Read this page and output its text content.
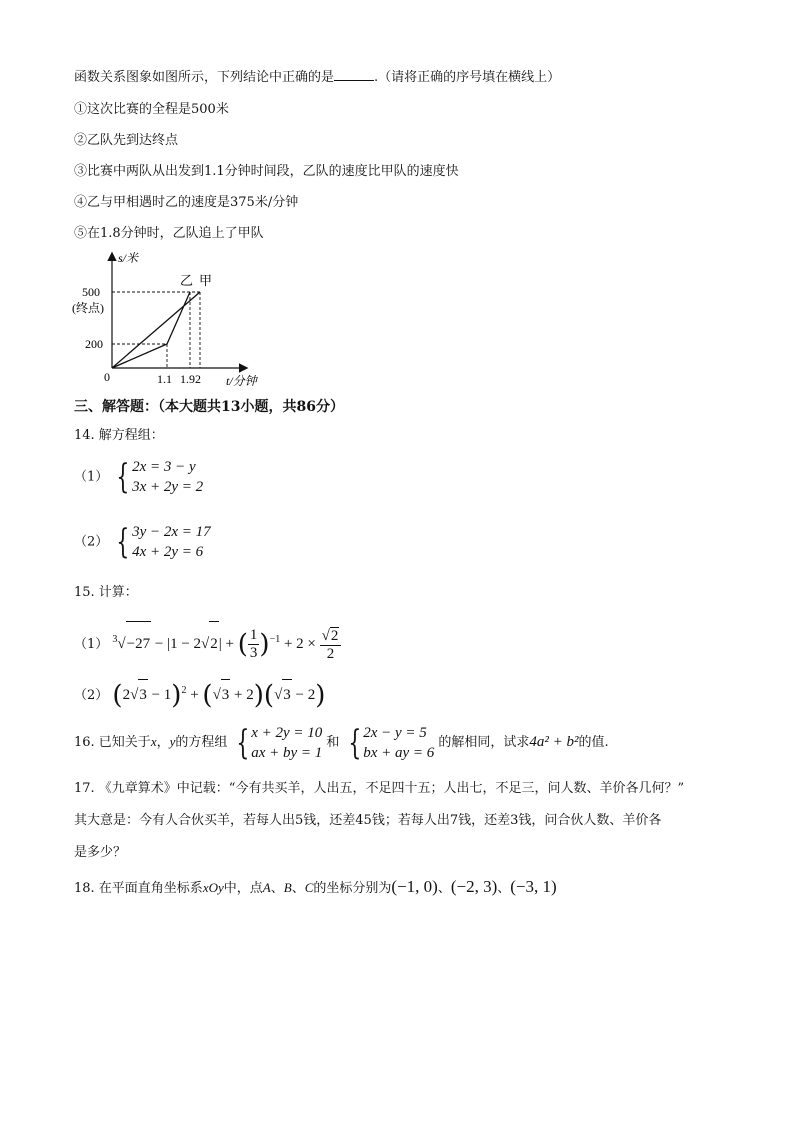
函数关系图象如图所示，下列结论中正确的是	.（请将正确的序号填在横线上）
①这次比赛的全程是500米
②乙队先到达终点
③比赛中两队从出发到1.1分钟时间段，乙队的速度比甲队的速度快
④乙与甲相遇时乙的速度是375米/分钟
⑤在1.8分钟时，乙队追上了甲队
s/米
500
(终点)
200
0	1.1 1.92 t/分钟
乙 甲
三、解答题：（本大题共13小题，共86分）
14. 解方程组：
（1） { 2x = 3 − y
3x + 2y = 2
（2） { 3y − 2x = 17
4x + 2y = 6
15. 计算：
（1） $^3$√−27 − |1 − 2√2| + ( $\frac{1}{3} )^{-1} + 2 \times \frac{√2}{2}$
（2） $(2√3 - 1)^2 + (√3 + 2)(√3 - 2)$
16. 已知关于x，y的方程组 { x + 2y = 10
ax + by = 1
和 { 2x − y = 5
bx + ay = 6
的解相同，试求4a² + b²的值.
17. 《九章算术》中记载：“今有共买羊，人出五，不足四十五；人出七，不足三，问人数、羊价各几何？”
其大意是：今有人合伙买羊，若每人出5钱，还差45钱；若每人出7钱，还差3钱，问合伙人数、羊价各
是多少？
18. 在平面直角坐标系xOy中，点A、B、C的坐标分别为(−1, 0)、(−2, 3)、(−3, 1)
